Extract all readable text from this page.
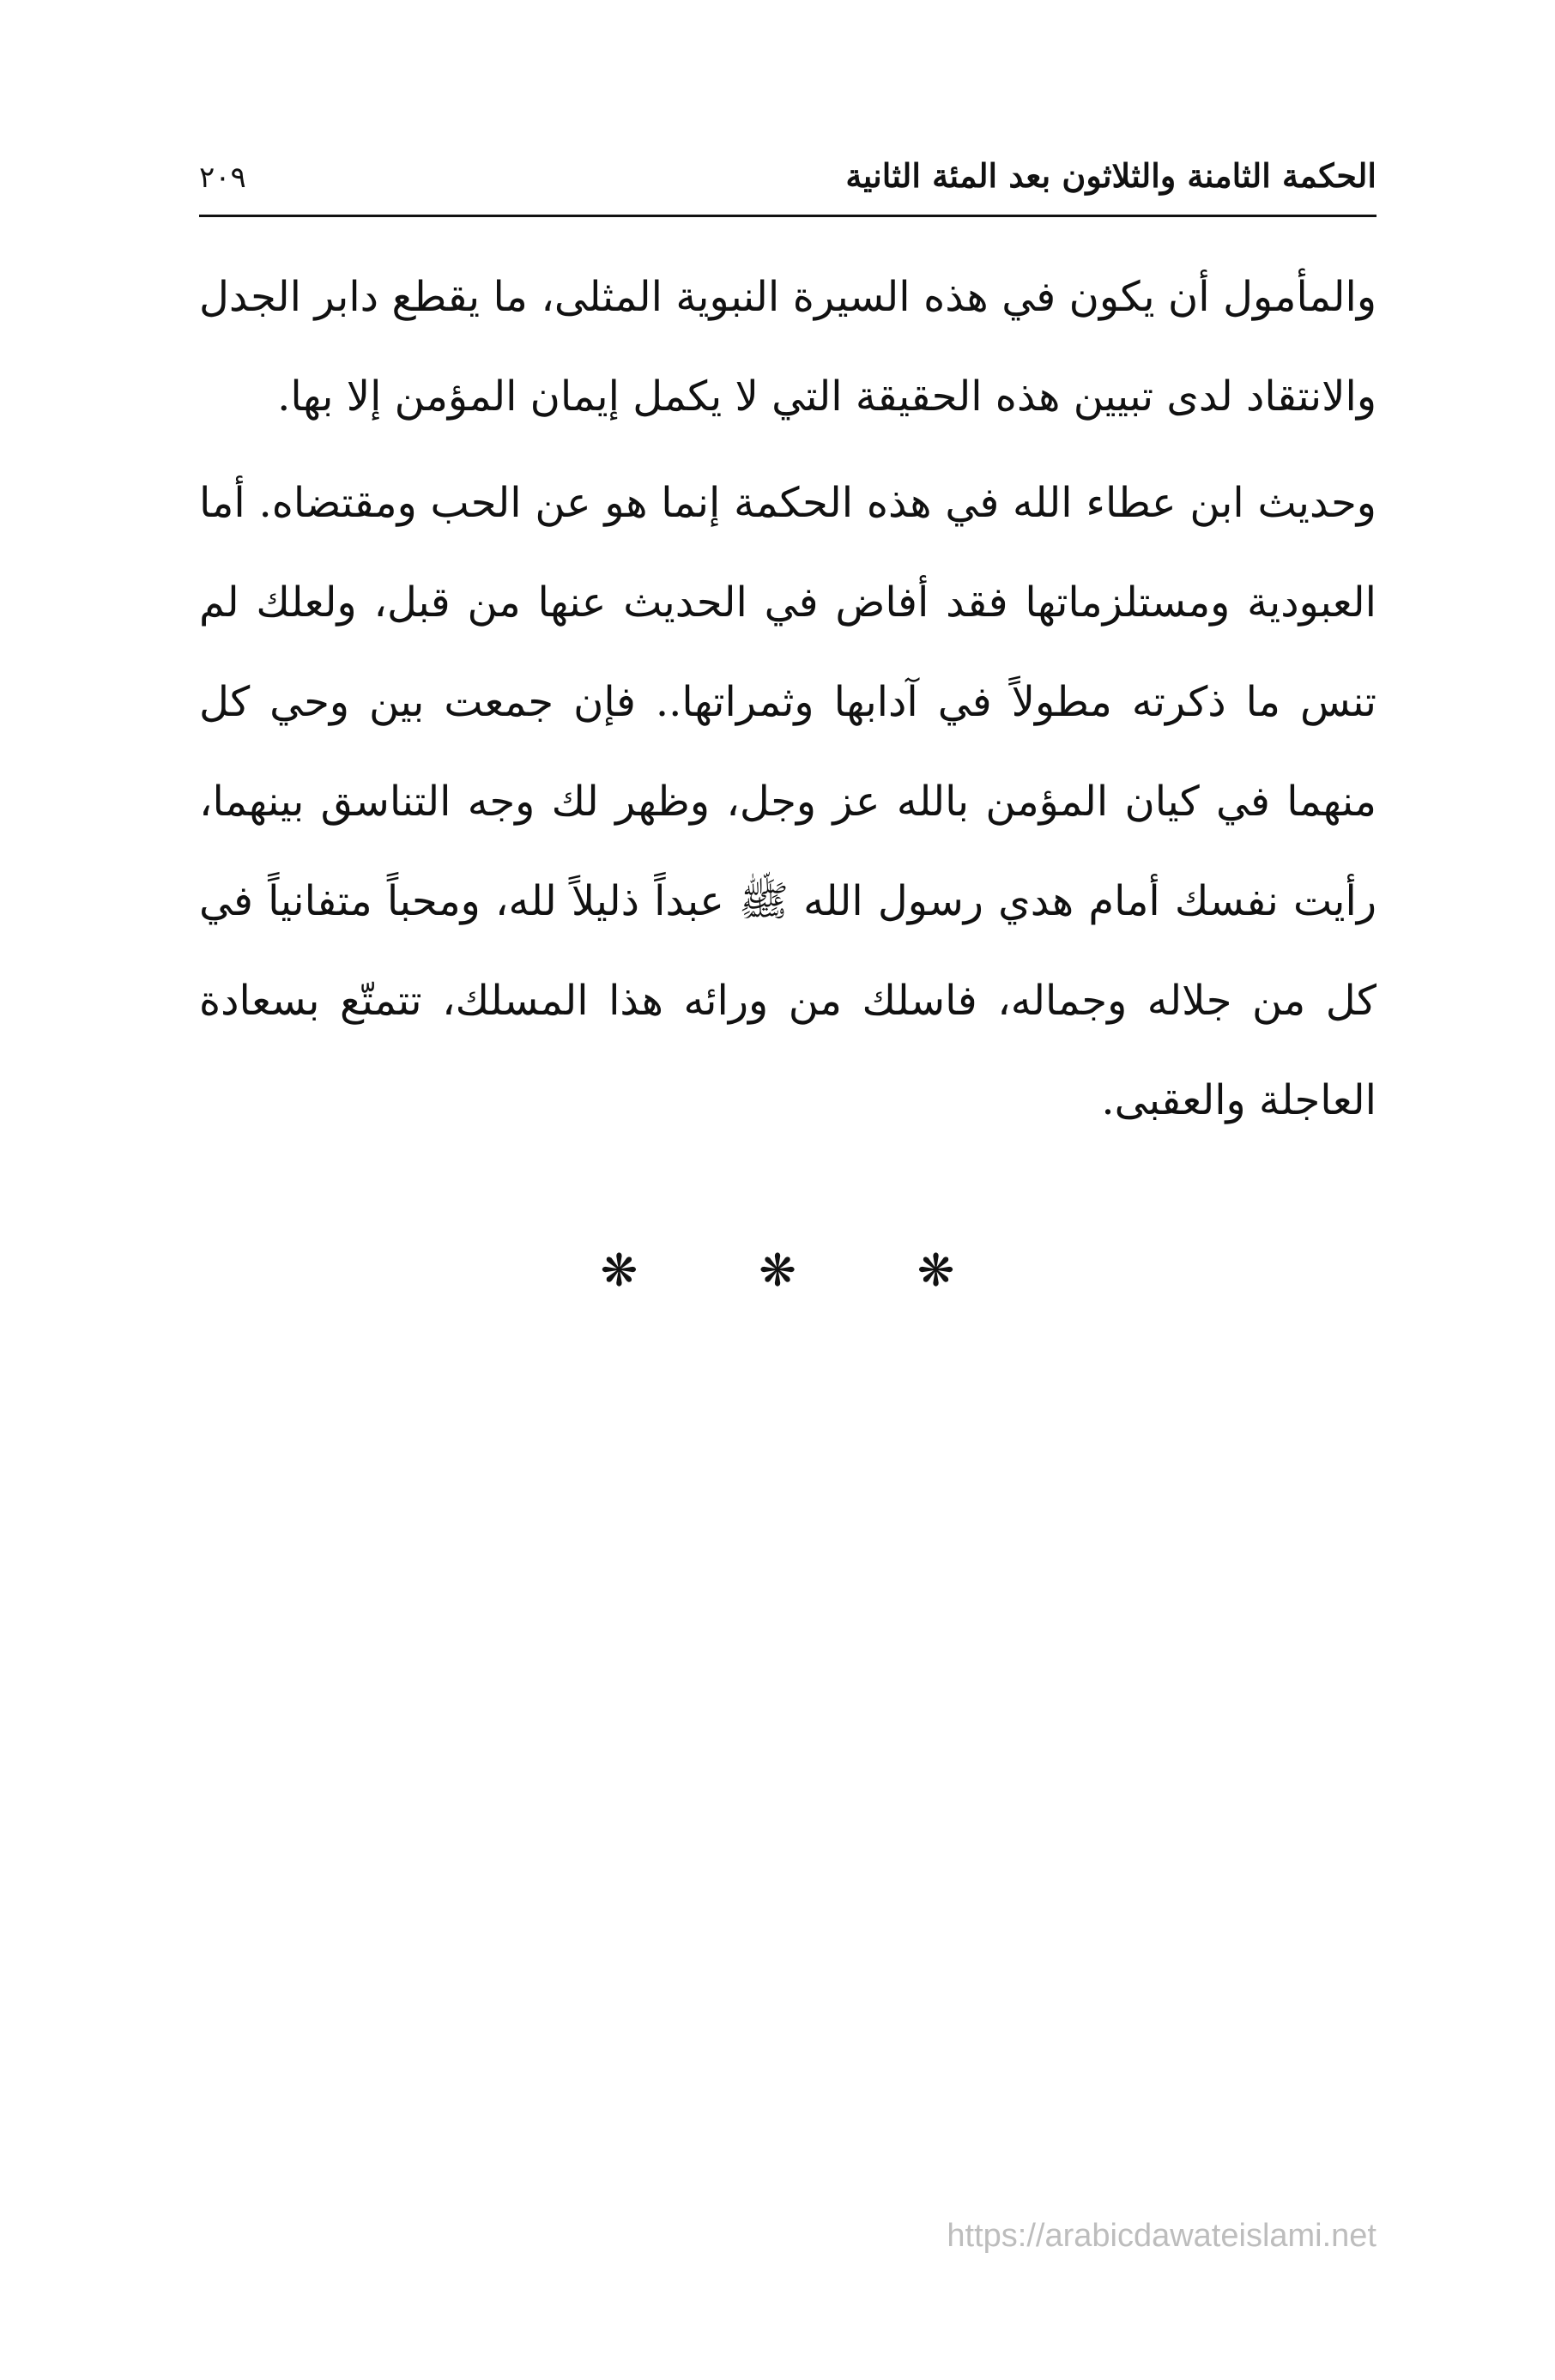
الحكمة الثامنة والثلاثون بعد المئة الثانية
٢٠٩

والمأمول أن يكون في هذه السيرة النبوية المثلى، ما يقطع دابر الجدل والانتقاد لدى تبيين هذه الحقيقة التي لا يكمل إيمان المؤمن إلا بها.

وحديث ابن عطاء الله في هذه الحكمة إنما هو عن الحب ومقتضاه. أما العبودية ومستلزماتها فقد أفاض في الحديث عنها من قبل، ولعلك لم تنس ما ذكرته مطولاً في آدابها وثمراتها.. فإن جمعت بين وحي كل منهما في كيان المؤمن بالله عز وجل، وظهر لك وجه التناسق بينهما، رأيت نفسك أمام هدي رسول الله ﷺ عبداً ذليلاً لله، ومحباً متفانياً في كل من جلاله وجماله، فاسلك من ورائه هذا المسلك، تتمتّع بسعادة العاجلة والعقبى.

❋	❋	❋
https://arabicdawateislami.net
